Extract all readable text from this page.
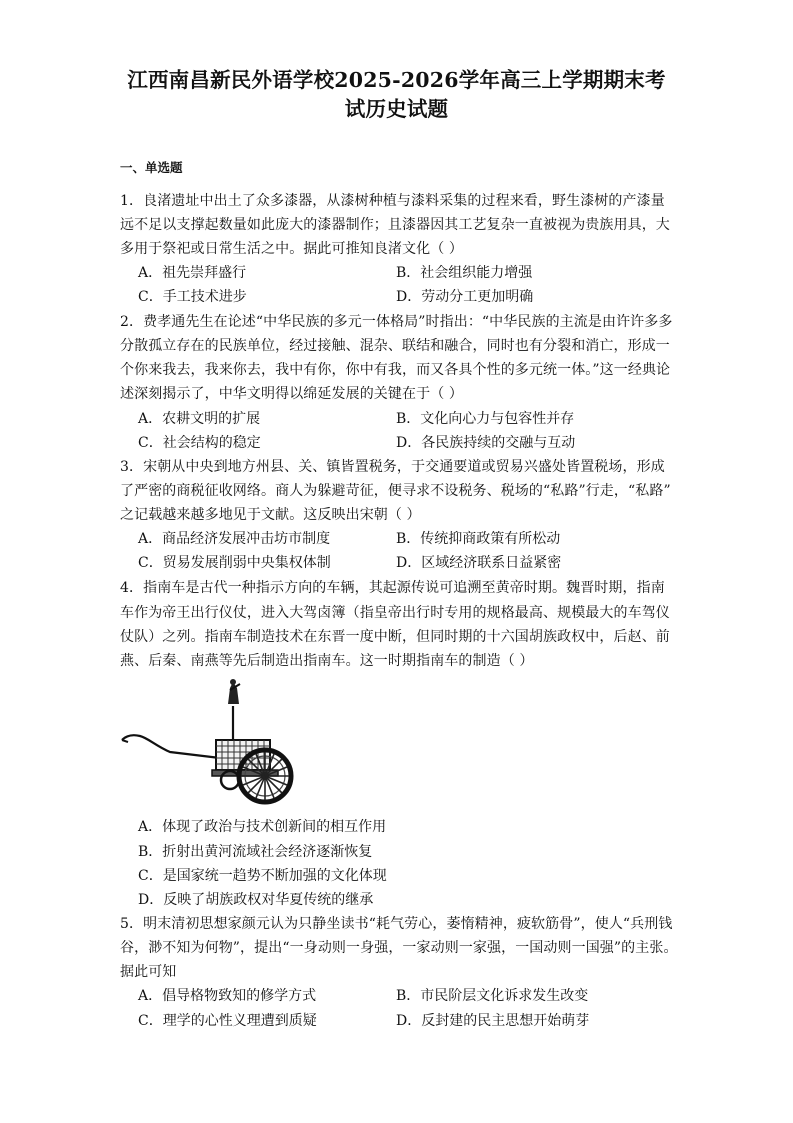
江西南昌新民外语学校2025-2026学年高三上学期期末考
试历史试题
一、单选题
1．良渚遗址中出土了众多漆器，从漆树种植与漆料采集的过程来看，野生漆树的产漆量
远不足以支撑起数量如此庞大的漆器制作；且漆器因其工艺复杂一直被视为贵族用具，大
多用于祭祀或日常生活之中。据此可推知良渚文化（ ）
A．祖先崇拜盛行	B．社会组织能力增强
C．手工技术进步	D．劳动分工更加明确
2．费孝通先生在论述“中华民族的多元一体格局”时指出：“中华民族的主流是由许许多多
分散孤立存在的民族单位，经过接触、混杂、联结和融合，同时也有分裂和消亡，形成一
个你来我去，我来你去，我中有你，你中有我，而又各具个性的多元统一体。”这一经典论
述深刻揭示了，中华文明得以绵延发展的关键在于（ ）
A．农耕文明的扩展	B．文化向心力与包容性并存
C．社会结构的稳定	D．各民族持续的交融与互动
3．宋朝从中央到地方州县、关、镇皆置税务，于交通要道或贸易兴盛处皆置税场，形成
了严密的商税征收网络。商人为躲避苛征，便寻求不设税务、税场的“私路”行走，“私路”
之记载越来越多地见于文献。这反映出宋朝（ ）
A．商品经济发展冲击坊市制度	B．传统抑商政策有所松动
C．贸易发展削弱中央集权体制	D．区域经济联系日益紧密
4．指南车是古代一种指示方向的车辆，其起源传说可追溯至黄帝时期。魏晋时期，指南
车作为帝王出行仪仗，进入大驾卤簿（指皇帝出行时专用的规格最高、规模最大的车驾仪
仗队）之列。指南车制造技术在东晋一度中断，但同时期的十六国胡族政权中，后赵、前
燕、后秦、南燕等先后制造出指南车。这一时期指南车的制造（ ）
A．体现了政治与技术创新间的相互作用
B．折射出黄河流域社会经济逐渐恢复
C．是国家统一趋势不断加强的文化体现
D．反映了胡族政权对华夏传统的继承
5．明末清初思想家颜元认为只静坐读书“耗气劳心，萎惰精神，疲软筋骨”，使人“兵刑钱
谷，渺不知为何物”，提出“一身动则一身强，一家动则一家强，一国动则一国强”的主张。
据此可知
A．倡导格物致知的修学方式	B．市民阶层文化诉求发生改变
C．理学的心性义理遭到质疑	D．反封建的民主思想开始萌芽
